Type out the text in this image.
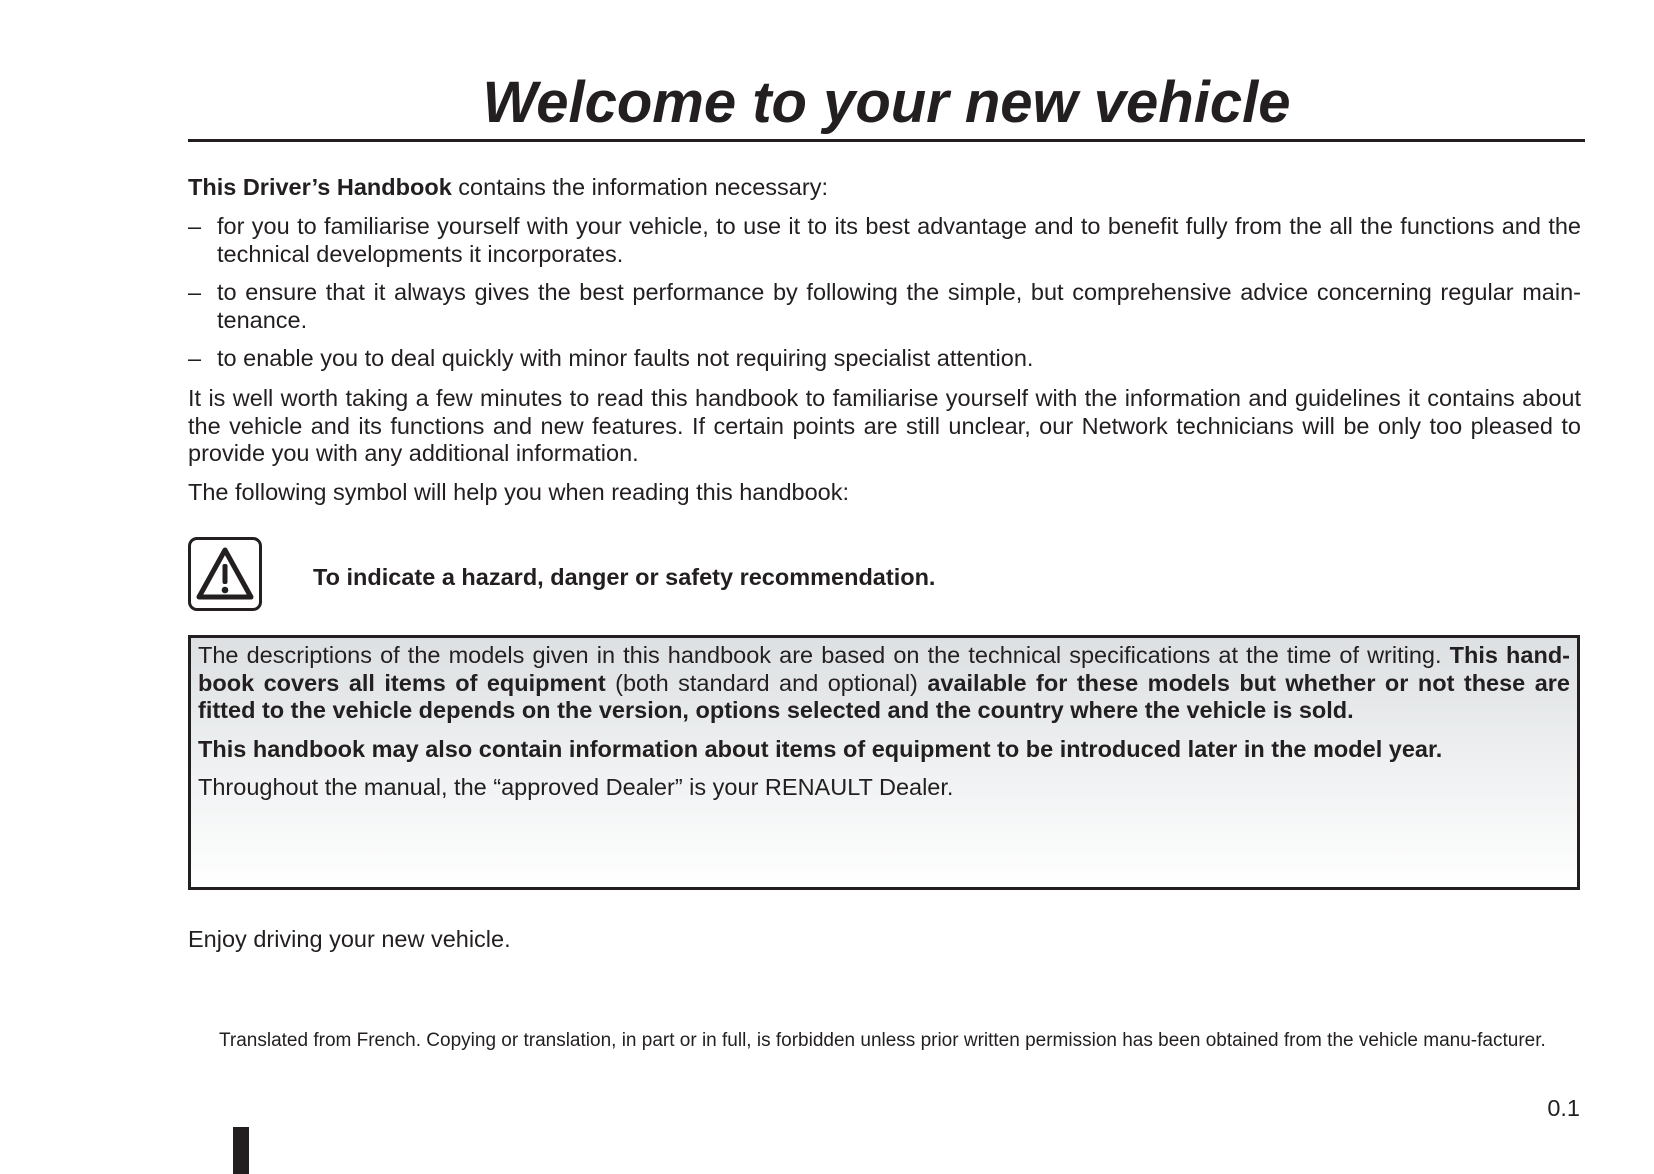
Welcome to your new vehicle

This Driver’s Handbook contains the information necessary:

– for you to familiarise yourself with your vehicle, to use it to its best advantage and to benefit fully from the all the functions and the technical developments it incorporates.
– to ensure that it always gives the best performance by following the simple, but comprehensive advice concerning regular main-tenance.
– to enable you to deal quickly with minor faults not requiring specialist attention.

It is well worth taking a few minutes to read this handbook to familiarise yourself with the information and guidelines it contains about the vehicle and its functions and new features. If certain points are still unclear, our Network technicians will be only too pleased to provide you with any additional information.

The following symbol will help you when reading this handbook:

To indicate a hazard, danger or safety recommendation.

The descriptions of the models given in this handbook are based on the technical specifications at the time of writing. This hand-book covers all items of equipment (both standard and optional) available for these models but whether or not these are fitted to the vehicle depends on the version, options selected and the country where the vehicle is sold.

This handbook may also contain information about items of equipment to be introduced later in the model year.

Throughout the manual, the “approved Dealer” is your RENAULT Dealer.

Enjoy driving your new vehicle.

Translated from French. Copying or translation, in part or in full, is forbidden unless prior written permission has been obtained from the vehicle manu-facturer.

0.1
